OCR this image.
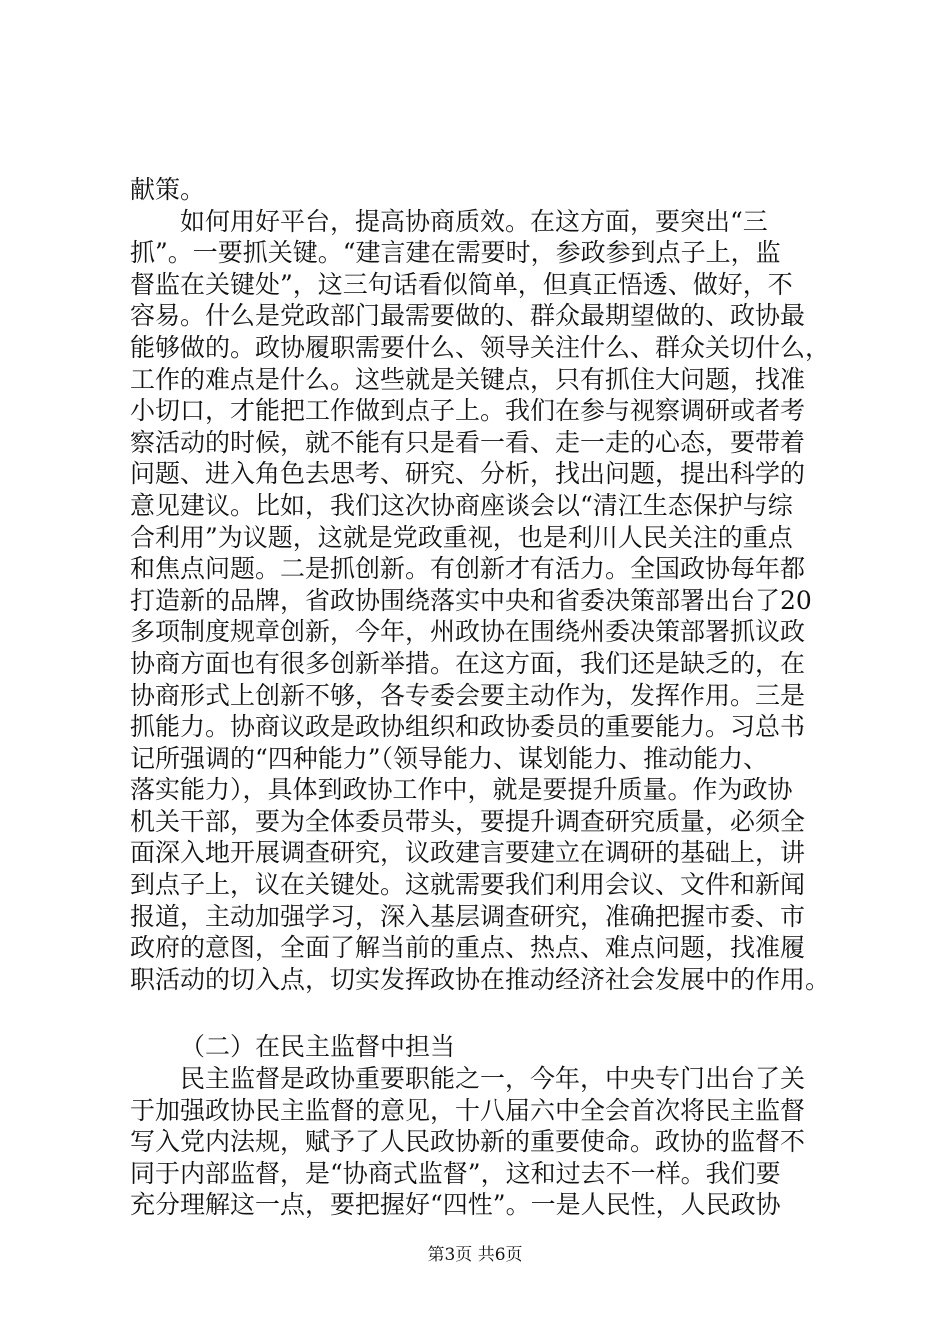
献策。
如何用好平台，提高协商质效。在这方面，要突出“三
抓”。一要抓关键。“建言建在需要时，参政参到点子上，监
督监在关键处”，这三句话看似简单，但真正悟透、做好，不
容易。什么是党政部门最需要做的、群众最期望做的、政协最
能够做的。政协履职需要什么、领导关注什么、群众关切什么，
工作的难点是什么。这些就是关键点，只有抓住大问题，找准
小切口，才能把工作做到点子上。我们在参与视察调研或者考
察活动的时候，就不能有只是看一看、走一走的心态，要带着
问题、进入角色去思考、研究、分析，找出问题，提出科学的
意见建议。比如，我们这次协商座谈会以“清江生态保护与综
合利用”为议题，这就是党政重视，也是利川人民关注的重点
和焦点问题。二是抓创新。有创新才有活力。全国政协每年都
打造新的品牌，省政协围绕落实中央和省委决策部署出台了20
多项制度规章创新，今年，州政协在围绕州委决策部署抓议政
协商方面也有很多创新举措。在这方面，我们还是缺乏的，在
协商形式上创新不够，各专委会要主动作为，发挥作用。三是
抓能力。协商议政是政协组织和政协委员的重要能力。习总书
记所强调的“四种能力”（领导能力、谋划能力、推动能力、
落实能力），具体到政协工作中，就是要提升质量。作为政协
机关干部，要为全体委员带头，要提升调查研究质量，必须全
面深入地开展调查研究，议政建言要建立在调研的基础上，讲
到点子上，议在关键处。这就需要我们利用会议、文件和新闻
报道，主动加强学习，深入基层调查研究，准确把握市委、市
政府的意图，全面了解当前的重点、热点、难点问题，找准履
职活动的切入点，切实发挥政协在推动经济社会发展中的作用。
（二）在民主监督中担当
民主监督是政协重要职能之一，今年，中央专门出台了关
于加强政协民主监督的意见，十八届六中全会首次将民主监督
写入党内法规，赋予了人民政协新的重要使命。政协的监督不
同于内部监督，是“协商式监督”，这和过去不一样。我们要
充分理解这一点，要把握好“四性”。一是人民性，人民政协
第3页 共6页
